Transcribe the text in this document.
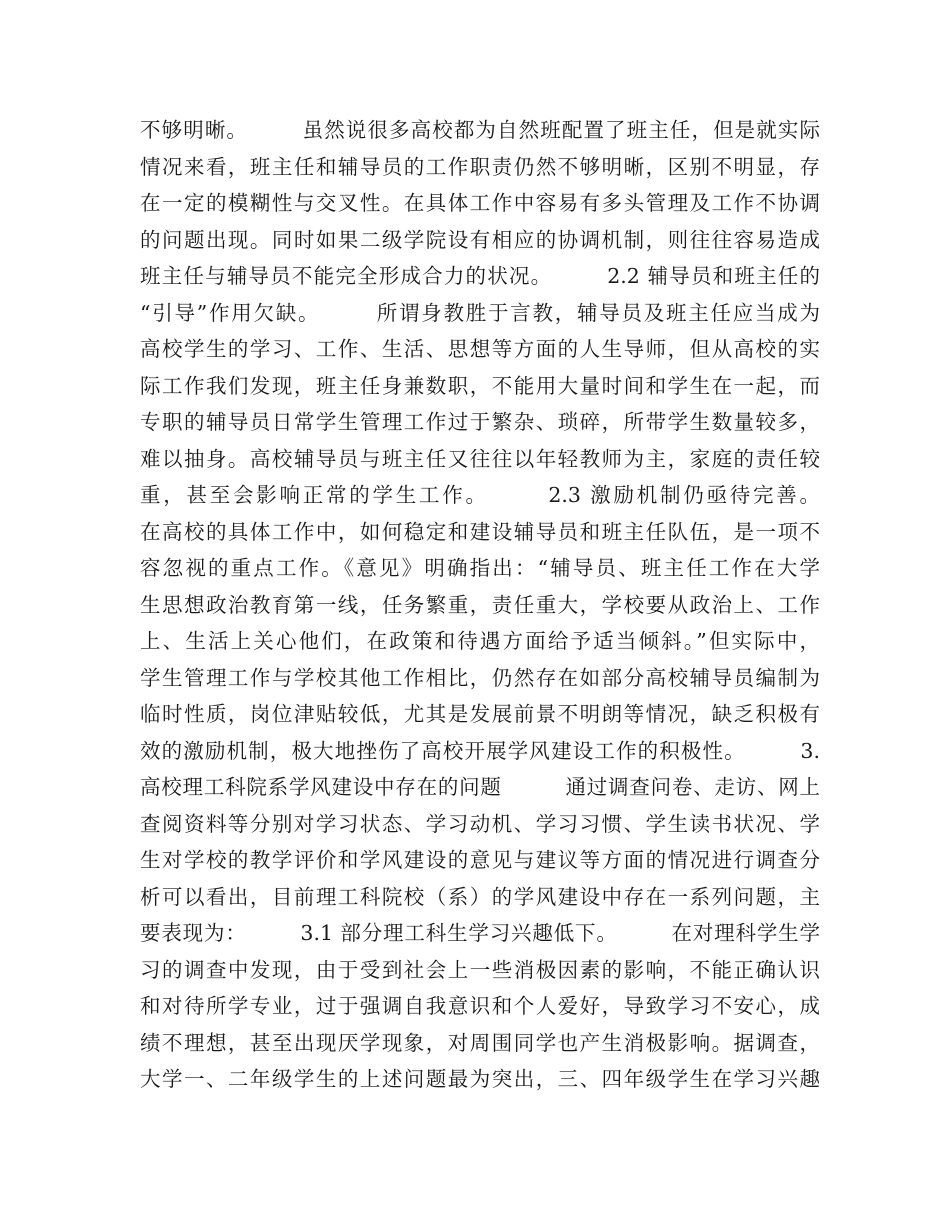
不够明晰。　　　虽然说很多高校都为自然班配置了班主任，但是就实际
情况来看，班主任和辅导员的工作职责仍然不够明晰，区别不明显，存
在一定的模糊性与交叉性。在具体工作中容易有多头管理及工作不协调
的问题出现。同时如果二级学院设有相应的协调机制，则往往容易造成
班主任与辅导员不能完全形成合力的状况。　　　2.2 辅导员和班主任的
“引导”作用欠缺。　　　所谓身教胜于言教，辅导员及班主任应当成为
高校学生的学习、工作、生活、思想等方面的人生导师，但从高校的实
际工作我们发现，班主任身兼数职，不能用大量时间和学生在一起，而
专职的辅导员日常学生管理工作过于繁杂、琐碎，所带学生数量较多，
难以抽身。高校辅导员与班主任又往往以年轻教师为主，家庭的责任较
重，甚至会影响正常的学生工作。　　　2.3 激励机制仍亟待完善。
在高校的具体工作中，如何稳定和建设辅导员和班主任队伍，是一项不
容忽视的重点工作。《意见》明确指出：“辅导员、班主任工作在大学
生思想政治教育第一线，任务繁重，责任重大，学校要从政治上、工作
上、生活上关心他们，在政策和待遇方面给予适当倾斜。”但实际中，
学生管理工作与学校其他工作相比，仍然存在如部分高校辅导员编制为
临时性质，岗位津贴较低，尤其是发展前景不明朗等情况，缺乏积极有
效的激励机制，极大地挫伤了高校开展学风建设工作的积极性。　　　3.
高校理工科院系学风建设中存在的问题　　　通过调查问卷、走访、网上
查阅资料等分别对学习状态、学习动机、学习习惯、学生读书状况、学
生对学校的教学评价和学风建设的意见与建议等方面的情况进行调查分
析可以看出，目前理工科院校（系）的学风建设中存在一系列问题，主
要表现为：　　　3.1 部分理工科生学习兴趣低下。　　　在对理科学生学
习的调查中发现，由于受到社会上一些消极因素的影响，不能正确认识
和对待所学专业，过于强调自我意识和个人爱好，导致学习不安心，成
绩不理想，甚至出现厌学现象，对周围同学也产生消极影响。据调查，
大学一、二年级学生的上述问题最为突出，三、四年级学生在学习兴趣
